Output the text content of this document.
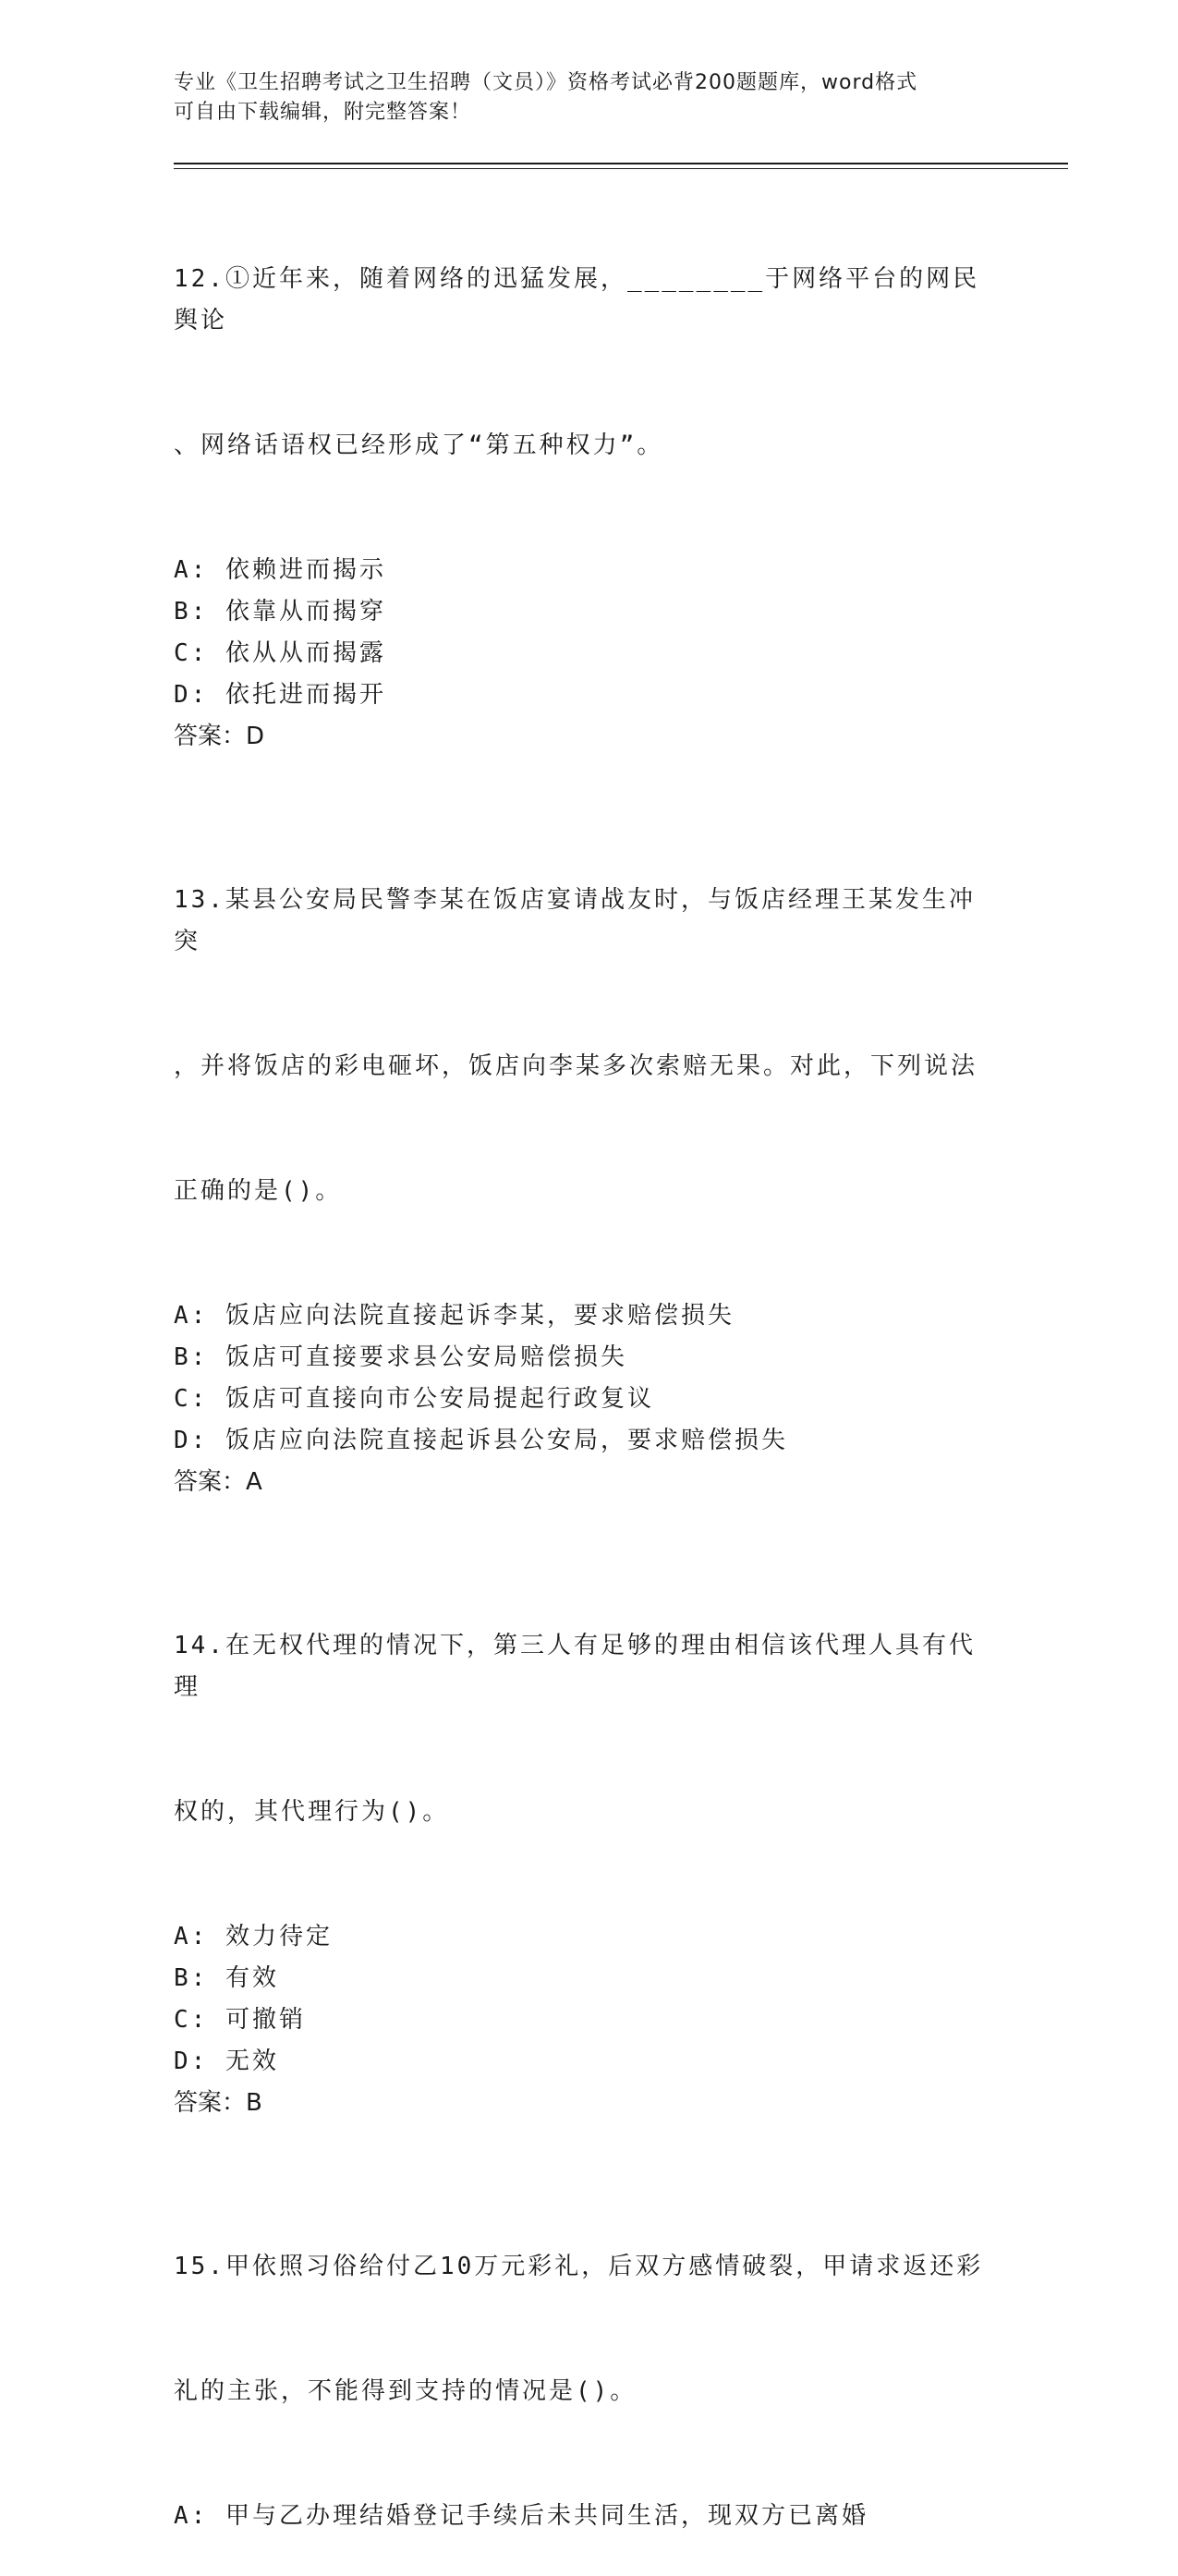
专业《卫生招聘考试之卫生招聘（文员）》资格考试必背200题题库，word格式
可自由下载编辑，附完整答案！

12.①近年来，随着网络的迅猛发展，________于网络平台的网民舆论

、网络话语权已经形成了“第五种权力”。

A: 依赖进而揭示
B: 依靠从而揭穿
C: 依从从而揭露
D: 依托进而揭开
答案：D

13.某县公安局民警李某在饭店宴请战友时，与饭店经理王某发生冲突

，并将饭店的彩电砸坏，饭店向李某多次索赔无果。对此，下列说法

正确的是()。

A: 饭店应向法院直接起诉李某，要求赔偿损失
B: 饭店可直接要求县公安局赔偿损失
C: 饭店可直接向市公安局提起行政复议
D: 饭店应向法院直接起诉县公安局，要求赔偿损失
答案：A

14.在无权代理的情况下，第三人有足够的理由相信该代理人具有代理

权的，其代理行为()。

A: 效力待定
B: 有效
C: 可撤销
D: 无效
答案：B

15.甲依照习俗给付乙10万元彩礼，后双方感情破裂，甲请求返还彩

礼的主张，不能得到支持的情况是()。

A: 甲与乙办理结婚登记手续后未共同生活，现双方已离婚
